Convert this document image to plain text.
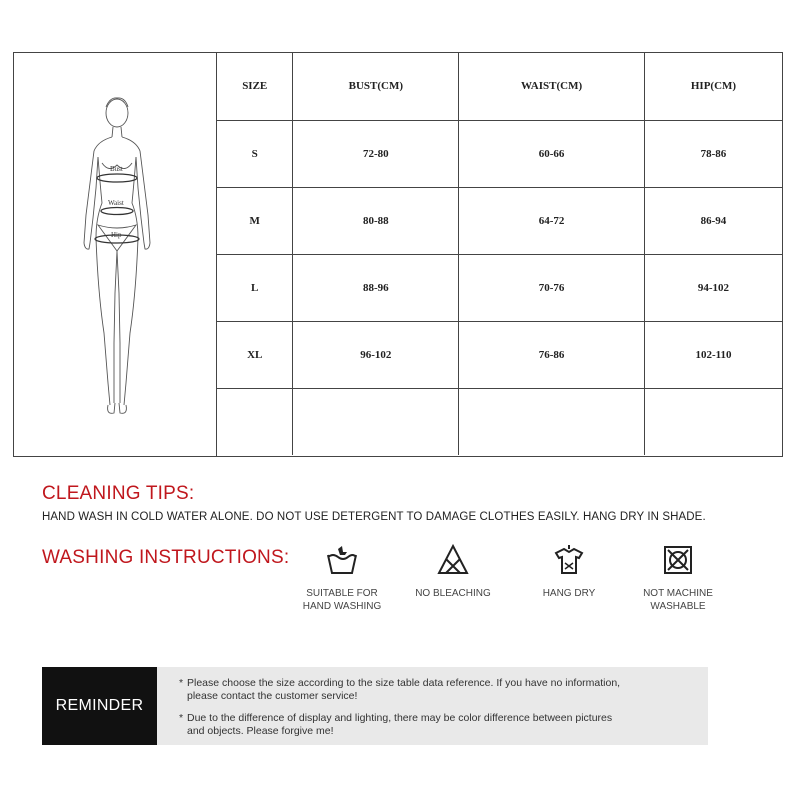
Bust
Waist
Hip
SIZE	BUST(CM)	WAIST(CM)	HIP(CM)
S	72-80	60-66	78-86
M	80-88	64-72	86-94
L	88-96	70-76	94-102
XL	96-102	76-86	102-110

CLEANING TIPS:
HAND WASH IN COLD WATER ALONE. DO NOT USE DETERGENT TO DAMAGE CLOTHES EASILY. HANG DRY IN SHADE.
WASHING INSTRUCTIONS:
SUITABLE FOR
HAND WASHING
NO BLEACHING	HANG DRY	NOT MACHINE
WASHABLE
REMINDER
* Please choose the size according to the size table data reference. If you have no information,
please contact the customer service!
* Due to the difference of display and lighting, there may be color difference between pictures
and objects. Please forgive me!
